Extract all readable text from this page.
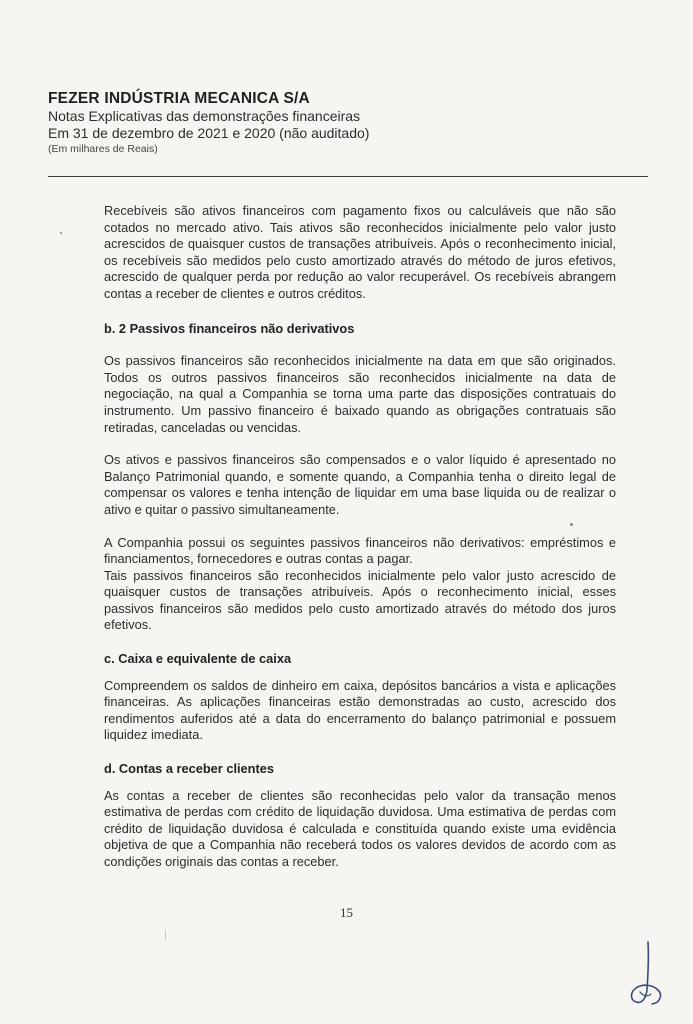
FEZER INDÚSTRIA MECANICA S/A
Notas Explicativas das demonstrações financeiras
Em 31 de dezembro de 2021 e 2020 (não auditado)
(Em milhares de Reais)

Recebíveis são ativos financeiros com pagamento fixos ou calculáveis que não são cotados no mercado ativo. Tais ativos são reconhecidos inicialmente pelo valor justo acrescidos de quaisquer custos de transações atribuíveis. Após o reconhecimento inicial, os recebíveis são medidos pelo custo amortizado através do método de juros efetivos, acrescido de qualquer perda por redução ao valor recuperável. Os recebíveis abrangem contas a receber de clientes e outros créditos.

b. 2 Passivos financeiros não derivativos

Os passivos financeiros são reconhecidos inicialmente na data em que são originados. Todos os outros passivos financeiros são reconhecidos inicialmente na data de negociação, na qual a Companhia se torna uma parte das disposições contratuais do instrumento. Um passivo financeiro é baixado quando as obrigações contratuais são retiradas, canceladas ou vencidas.

Os ativos e passivos financeiros são compensados e o valor líquido é apresentado no Balanço Patrimonial quando, e somente quando, a Companhia tenha o direito legal de compensar os valores e tenha intenção de liquidar em uma base liquida ou de realizar o ativo e quitar o passivo simultaneamente.

A Companhia possui os seguintes passivos financeiros não derivativos: empréstimos e financiamentos, fornecedores e outras contas a pagar.

Tais passivos financeiros são reconhecidos inicialmente pelo valor justo acrescido de quaisquer custos de transações atribuíveis. Após o reconhecimento inicial, esses passivos financeiros são medidos pelo custo amortizado através do método dos juros efetivos.

c. Caixa e equivalente de caixa

Compreendem os saldos de dinheiro em caixa, depósitos bancários a vista e aplicações financeiras. As aplicações financeiras estão demonstradas ao custo, acrescido dos rendimentos auferidos até a data do encerramento do balanço patrimonial e possuem liquidez imediata.

d. Contas a receber clientes

As contas a receber de clientes são reconhecidas pelo valor da transação menos estimativa de perdas com crédito de liquidação duvidosa. Uma estimativa de perdas com crédito de liquidação duvidosa é calculada e constituída quando existe uma evidência objetiva de que a Companhia não receberá todos os valores devidos de acordo com as condições originais das contas a receber.

15
